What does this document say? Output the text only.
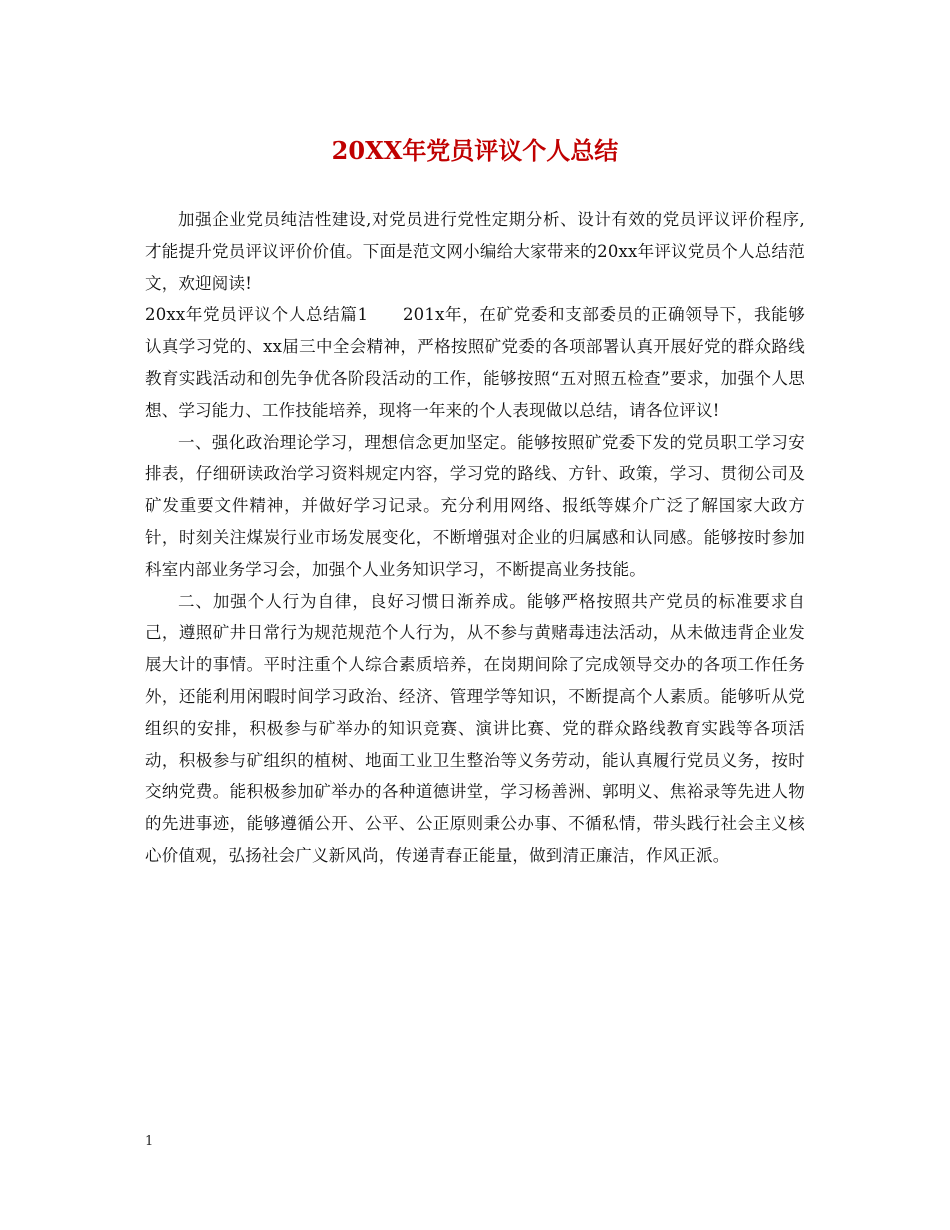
20XX年党员评议个人总结

加强企业党员纯洁性建设,对党员进行党性定期分析、设计有效的党员评议评价程序,才能提升党员评议评价价值。下面是范文网小编给大家带来的20xx年评议党员个人总结范文，欢迎阅读!

20xx年党员评议个人总结篇1　　201x年，在矿党委和支部委员的正确领导下，我能够认真学习党的、xx届三中全会精神，严格按照矿党委的各项部署认真开展好党的群众路线教育实践活动和创先争优各阶段活动的工作，能够按照“五对照五检查”要求，加强个人思想、学习能力、工作技能培养，现将一年来的个人表现做以总结，请各位评议!

一、强化政治理论学习，理想信念更加坚定。能够按照矿党委下发的党员职工学习安排表，仔细研读政治学习资料规定内容，学习党的路线、方针、政策，学习、贯彻公司及矿发重要文件精神，并做好学习记录。充分利用网络、报纸等媒介广泛了解国家大政方针，时刻关注煤炭行业市场发展变化，不断增强对企业的归属感和认同感。能够按时参加科室内部业务学习会，加强个人业务知识学习，不断提高业务技能。

二、加强个人行为自律，良好习惯日渐养成。能够严格按照共产党员的标准要求自己，遵照矿井日常行为规范规范个人行为，从不参与黄赌毒违法活动，从未做违背企业发展大计的事情。平时注重个人综合素质培养，在岗期间除了完成领导交办的各项工作任务外，还能利用闲暇时间学习政治、经济、管理学等知识，不断提高个人素质。能够听从党组织的安排，积极参与矿举办的知识竞赛、演讲比赛、党的群众路线教育实践等各项活动，积极参与矿组织的植树、地面工业卫生整治等义务劳动，能认真履行党员义务，按时交纳党费。能积极参加矿举办的各种道德讲堂，学习杨善洲、郭明义、焦裕录等先进人物的先进事迹，能够遵循公开、公平、公正原则秉公办事、不循私情，带头践行社会主义核心价值观，弘扬社会广义新风尚，传递青春正能量，做到清正廉洁，作风正派。

1
